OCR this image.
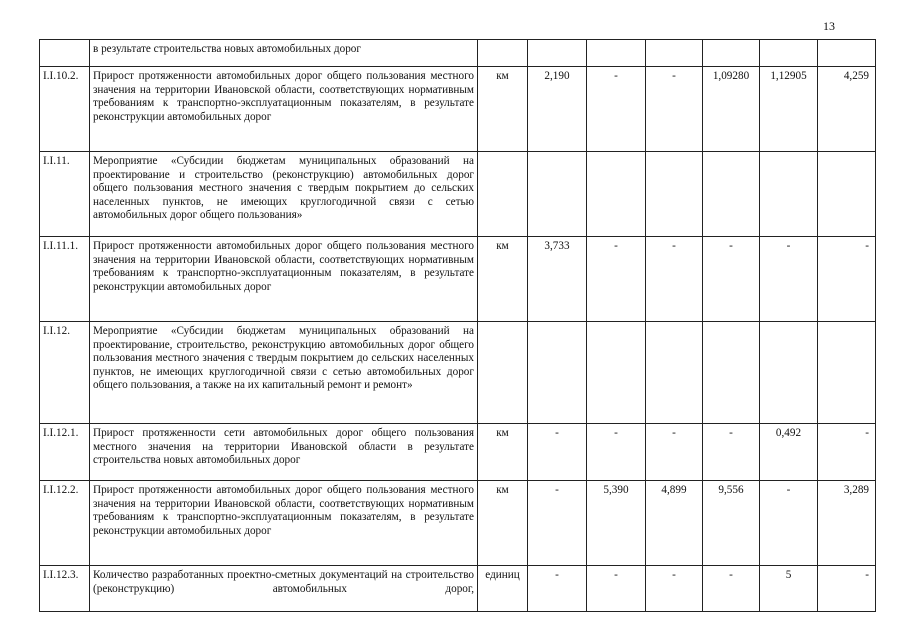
13
	в результате строительства новых автомобильных дорог							
I.I.10.2.	Прирост протяженности автомобильных дорог общего пользования местного значения на территории Ивановской области, соответствующих нормативным требованиям к транспортно-эксплуатационным показателям, в результате реконструкции автомобильных дорог	км	2,190	-	-	1,09280	1,12905	4,259
I.I.11.	Мероприятие «Субсидии бюджетам муниципальных образований на проектирование и строительство (реконструкцию) автомобильных дорог общего пользования местного значения с твердым покрытием до сельских населенных пунктов, не имеющих круглогодичной связи с сетью автомобильных дорог общего пользования»							
I.I.11.1.	Прирост протяженности автомобильных дорог общего пользования местного значения на территории Ивановской области, соответствующих нормативным требованиям к транспортно-эксплуатационным показателям, в результате реконструкции автомобильных дорог	км	3,733	-	-	-	-	-
I.I.12.	Мероприятие «Субсидии бюджетам муниципальных образований на проектирование, строительство, реконструкцию автомобильных дорог общего пользования местного значения с твердым покрытием до сельских населенных пунктов, не имеющих круглогодичной связи с сетью автомобильных дорог общего пользования, а также на их капитальный ремонт и ремонт»							
I.I.12.1.	Прирост протяженности сети автомобильных дорог общего пользования местного значения на территории Ивановской области в результате строительства новых автомобильных дорог	км	-	-	-	-	0,492	-
I.I.12.2.	Прирост протяженности автомобильных дорог общего пользования местного значения на территории Ивановской области, соответствующих нормативным требованиям к транспортно-эксплуатационным показателям, в результате реконструкции автомобильных дорог	км	-	5,390	4,899	9,556	-	3,289
I.I.12.3.	Количество разработанных проектно-сметных документаций на строительство (реконструкцию) автомобильных дорог,	единиц	-	-	-	-	5	-
